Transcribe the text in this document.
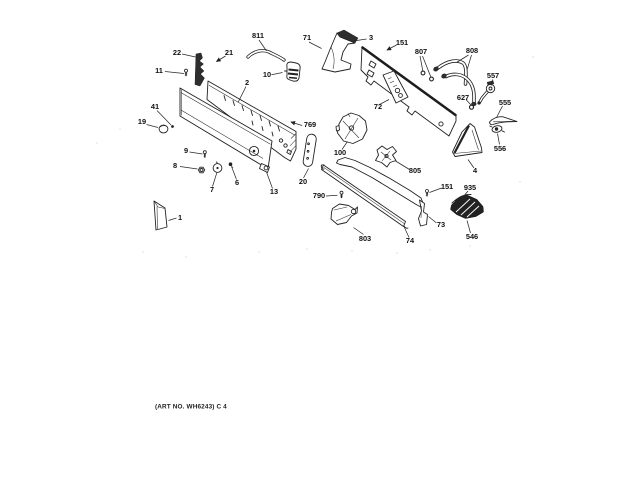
22	21
11
811	71	3
151
807	808
557
2
10
627
555
72
41
19	769
556
100
9
8
805	4
7
6
13
20
790
151 935
1
73
803	74	546
(ART NO. WH6243) C 4
